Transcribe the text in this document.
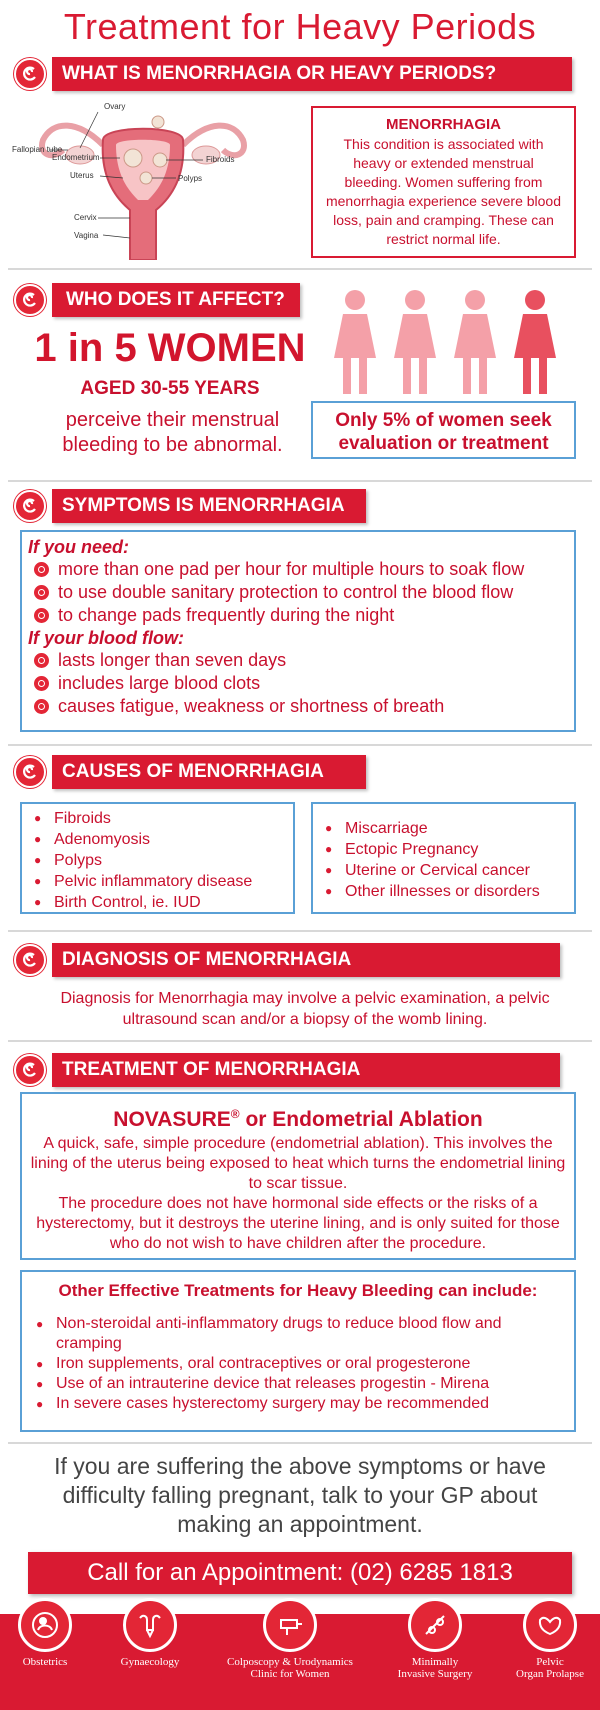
Treatment for Heavy Periods
WHAT IS MENORRHAGIA OR HEAVY PERIODS?
Ovary
Fallopian tube
Endometrium
Uterus
Fibroids
Polyps
Cervix
Vagina
MENORRHAGIA
This condition is associated with heavy or extended menstrual bleeding. Women suffering from menorrhagia experience severe blood loss, pain and cramping. These can restrict normal life.
WHO DOES IT AFFECT?
1 in 5 WOMEN
AGED 30-55 YEARS
perceive their menstrual bleeding to be abnormal.
Only 5% of women seek evaluation or treatment
SYMPTOMS IS MENORRHAGIA
If you need:
more than one pad per hour for multiple hours to soak flow
to use double sanitary protection to control the blood flow
to change pads frequently during the night
If your blood flow:
lasts longer than seven days
includes large blood clots
causes fatigue, weakness or shortness of breath
CAUSES OF MENORRHAGIA
● Fibroids
● Adenomyosis
● Polyps
● Pelvic inflammatory disease
● Birth Control, ie. IUD
● Miscarriage
● Ectopic Pregnancy
● Uterine or Cervical cancer
● Other illnesses or disorders
DIAGNOSIS OF MENORRHAGIA
Diagnosis for Menorrhagia may involve a pelvic examination, a pelvic ultrasound scan and/or a biopsy of the womb lining.
TREATMENT OF MENORRHAGIA
NOVASURE® or Endometrial Ablation
A quick, safe, simple procedure (endometrial ablation). This involves the lining of the uterus being exposed to heat which turns the endometrial lining to scar tissue.
The procedure does not have hormonal side effects or the risks of a hysterectomy, but it destroys the uterine lining, and is only suited for those who do not wish to have children after the procedure.
Other Effective Treatments for Heavy Bleeding can include:
● Non-steroidal anti-inflammatory drugs to reduce blood flow and cramping
● Iron supplements, oral contraceptives or oral progesterone
● Use of an intrauterine device that releases progestin - Mirena
● In severe cases hysterectomy surgery may be recommended
If you are suffering the above symptoms or have difficulty falling pregnant, talk to your GP about making an appointment.
Call for an Appointment: (02) 6285 1813
Obstetrics	Gynaecology	Colposcopy & Urodynamics
Clinic for Women
Minimally
Invasive Surgery
Pelvic
Organ Prolapse
